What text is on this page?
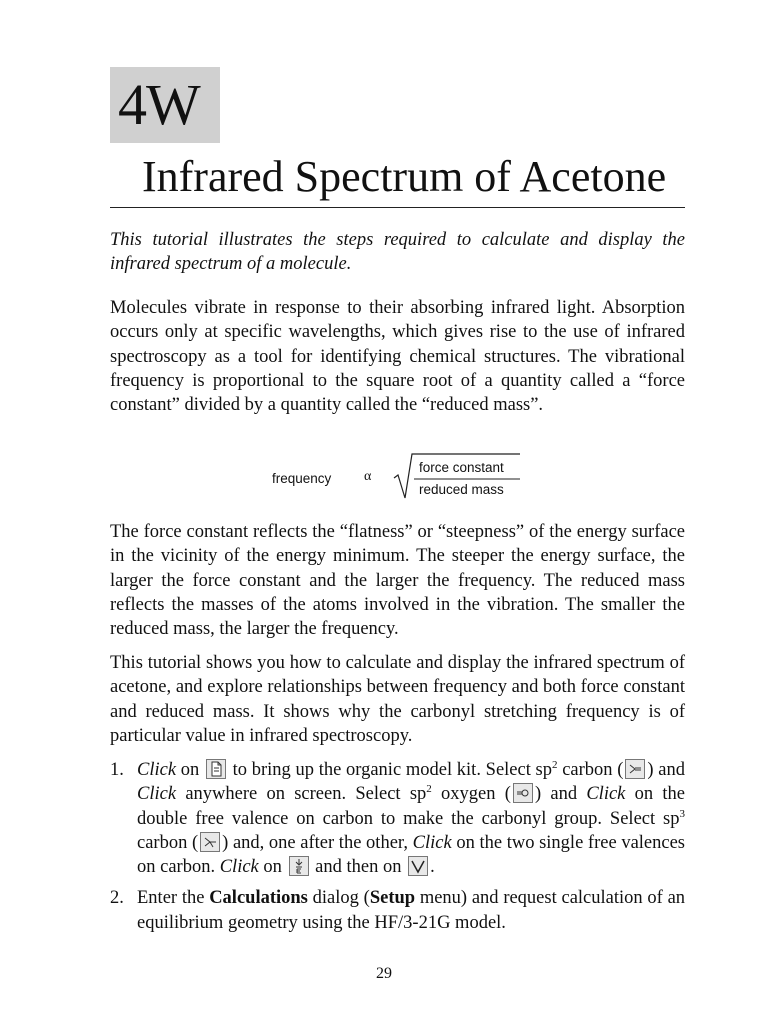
4W
Infrared Spectrum of Acetone

This tutorial illustrates the steps required to calculate and display the infrared spectrum of a molecule.

Molecules vibrate in response to their absorbing infrared light. Absorption occurs only at specific wavelengths, which gives rise to the use of infrared spectroscopy as a tool for identifying chemical structures. The vibrational frequency is proportional to the square root of a quantity called a “force constant” divided by a quantity called the “reduced mass”.

frequency α
force constant
reduced mass

The force constant reflects the “flatness” or “steepness” of the energy surface in the vicinity of the energy minimum. The steeper the energy surface, the larger the force constant and the larger the frequency. The reduced mass reflects the masses of the atoms involved in the vibration. The smaller the reduced mass, the larger the frequency.

This tutorial shows you how to calculate and display the infrared spectrum of acetone, and explore relationships between frequency and both force constant and reduced mass. It shows why the carbonyl stretching frequency is of particular value in infrared spectroscopy.

1. Click on to bring up the organic model kit. Select $sp^2$ carbon ( ) and Click anywhere on screen. Select $sp^2$ oxygen ( ) and Click on the double free valence on carbon to make the carbonyl group. Select $sp^3$ carbon ( ) and, one after the other, Click on the two single free valences on carbon. Click on and then on .
2. Enter the Calculations dialog (Setup menu) and request calculation of an equilibrium geometry using the HF/3-21G model.
29
